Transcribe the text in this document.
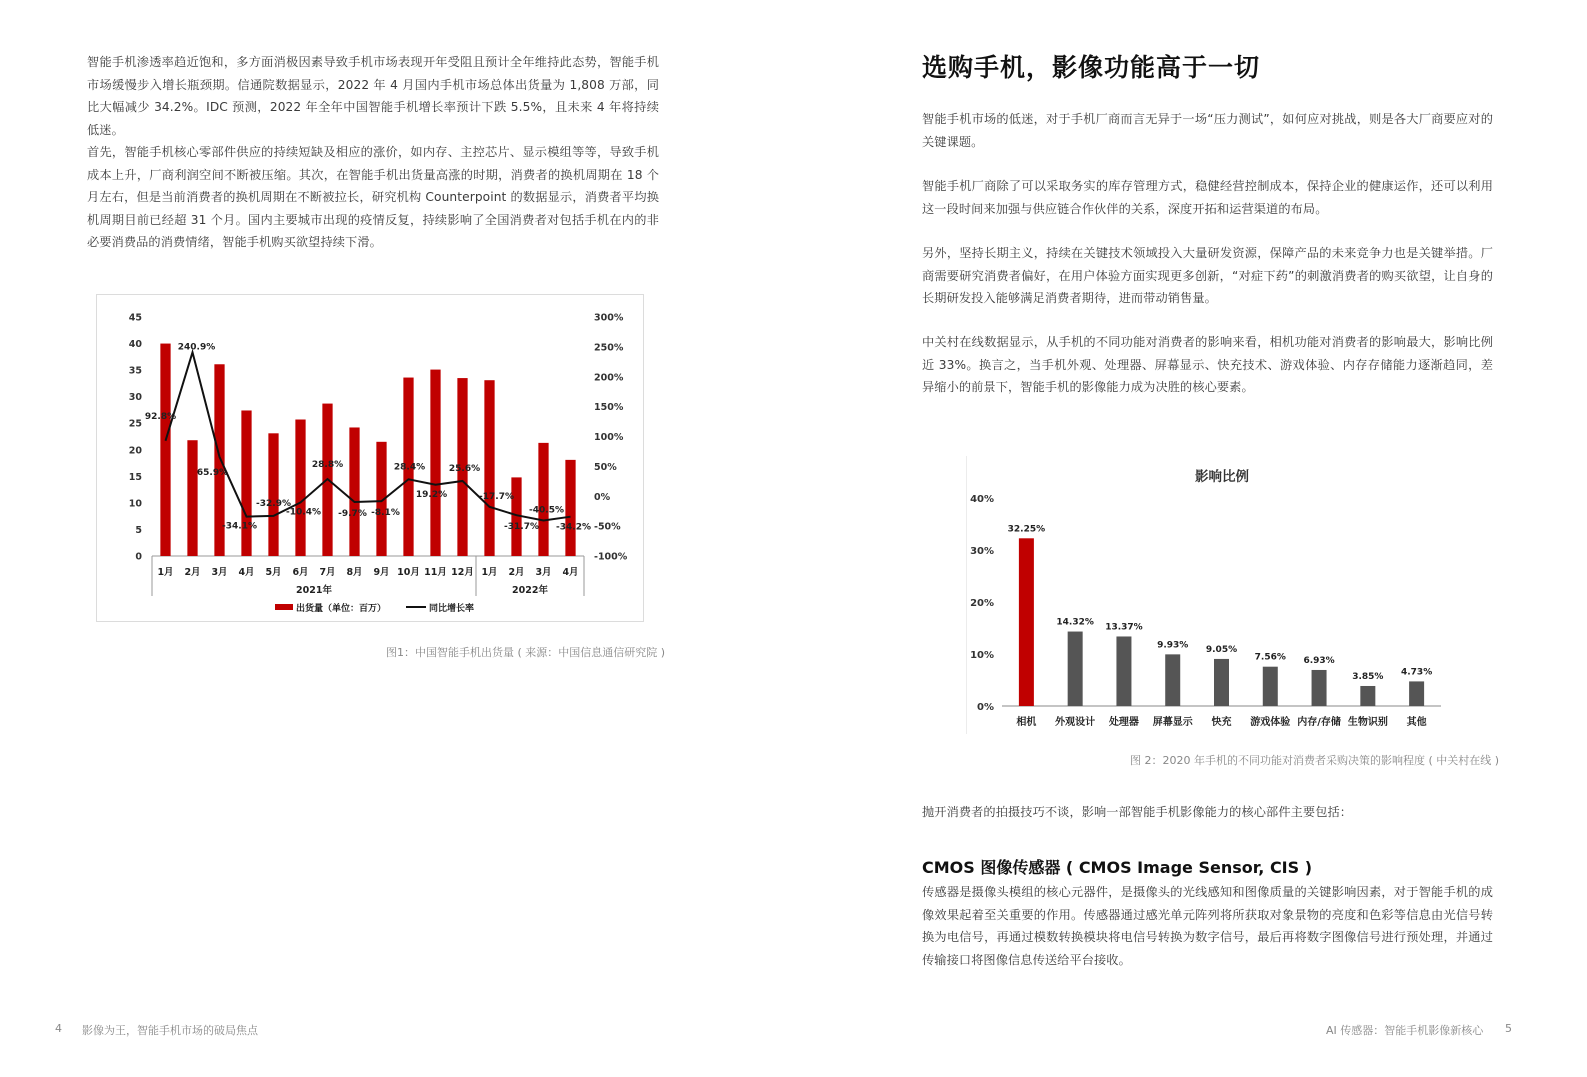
智能手机渗透率趋近饱和，多方面消极因素导致手机市场表现开年受阻且预计全年维持此态势，智能手机市场缓慢步入增长瓶颈期。信通院数据显示，2022 年 4 月国内手机市场总体出货量为 1,808 万部，同比大幅减少 34.2%。IDC 预测，2022 年全年中国智能手机增长率预计下跌 5.5%，且未来 4 年将持续低迷。

首先，智能手机核心零部件供应的持续短缺及相应的涨价，如内存、主控芯片、显示模组等等，导致手机成本上升，厂商利润空间不断被压缩。其次，在智能手机出货量高涨的时期，消费者的换机周期在 18 个月左右，但是当前消费者的换机周期在不断被拉长，研究机构 Counterpoint 的数据显示，消费者平均换机周期目前已经超 31 个月。国内主要城市出现的疫情反复，持续影响了全国消费者对包括手机在内的非必要消费品的消费情绪，智能手机购买欲望持续下滑。

0
5
10
15
20
25
30
35
40
45
-100%
-50%
0%
50%
100%
150%
200%
250%
300%
1月 2月 3月 4月 5月 6月 7月 8月 9月 10月 11月 12月 1月 2月 3月 4月
2021年	2022年
92.8%
240.9%
65.9%
-34.1%
-32.9%
-10.4%
28.8%
-9.7% -8.1%
28.4%
19.2%
25.6%
-17.7%
-31.7%
-40.5%
-34.2%
出货量（单位：百万）	同比增长率
图1：中国智能手机出货量 ( 来源：中国信息通信研究院 )
4 影像为王，智能手机市场的破局焦点
选购手机，影像功能高于一切

智能手机市场的低迷，对于手机厂商而言无异于一场“压力测试”，如何应对挑战，则是各大厂商要应对的关键课题。

智能手机厂商除了可以采取务实的库存管理方式，稳健经营控制成本，保持企业的健康运作，还可以利用这一段时间来加强与供应链合作伙伴的关系，深度开拓和运营渠道的布局。

另外，坚持长期主义，持续在关键技术领域投入大量研发资源，保障产品的未来竞争力也是关键举措。厂商需要研究消费者偏好，在用户体验方面实现更多创新，“对症下药”的刺激消费者的购买欲望，让自身的长期研发投入能够满足消费者期待，进而带动销售量。

中关村在线数据显示，从手机的不同功能对消费者的影响来看，相机功能对消费者的影响最大，影响比例近 33%。换言之，当手机外观、处理器、屏幕显示、快充技术、游戏体验、内存存储能力逐渐趋同，差异缩小的前景下，智能手机的影像能力成为决胜的核心要素。

影响比例
0%
10%
20%
30%
40%
32.25%
相机
14.32%
外观设计
13.37%
处理器
9.93%
屏幕显示
9.05%
快充
7.56%
游戏体验
6.93%
内存/存储
3.85%
生物识别
4.73%
其他
图 2：2020 年手机的不同功能对消费者采购决策的影响程度 ( 中关村在线 )

抛开消费者的拍摄技巧不谈，影响一部智能手机影像能力的核心部件主要包括：

CMOS 图像传感器 ( CMOS Image Sensor, CIS )

传感器是摄像头模组的核心元器件，是摄像头的光线感知和图像质量的关键影响因素，对于智能手机的成像效果起着至关重要的作用。传感器通过感光单元阵列将所获取对象景物的亮度和色彩等信息由光信号转换为电信号，再通过模数转换模块将电信号转换为数字信号，最后再将数字图像信号进行预处理，并通过传输接口将图像信息传送给平台接收。

AI 传感器：智能手机影像新核心 5
